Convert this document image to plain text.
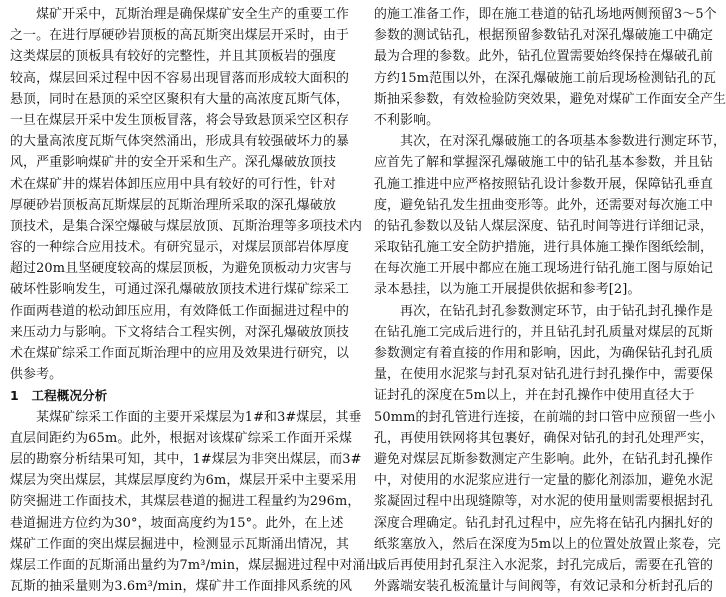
　　煤矿开采中，瓦斯治理是确保煤矿安全生产的重要工作
之一。在进行厚硬砂岩顶板的高瓦斯突出煤层开采时，由于
这类煤层的顶板具有较好的完整性，并且其顶板岩的强度
较高，煤层回采过程中因不容易出现冒落而形成较大面积的
悬顶，同时在悬顶的采空区聚积有大量的高浓度瓦斯气体，
一旦在煤层开采中发生顶板冒落，将会导致悬顶采空区积存
的大量高浓度瓦斯气体突然涌出，形成具有较强破坏力的暴
风，严重影响煤矿井的安全开采和生产。深孔爆破放顶技
术在煤矿井的煤岩体卸压应用中具有较好的可行性，针对
厚硬砂岩顶板高瓦斯煤层的瓦斯治理所采取的深孔爆破放
顶技术，是集合深空爆破与煤层放顶、瓦斯治理等多项技术内
容的一种综合应用技术。有研究显示，对煤层顶部岩体厚度
超过20m且坚硬度较高的煤层顶板，为避免顶板动力灾害与
破坏性影响发生，可通过深孔爆破放顶技术进行煤矿综采工
作面两巷道的松动卸压应用，有效降低工作面掘进过程中的
来压动力与影响。下文将结合工程实例，对深孔爆破放顶技
术在煤矿综采工作面瓦斯治理中的应用及效果进行研究，以
供参考。
1　工程概况分析
　　某煤矿综采工作面的主要开采煤层为1#和3#煤层，其垂
直层间距约为65m。此外，根据对该煤矿综采工作面开采煤
层的勘察分析结果可知，其中，1#煤层为非突出煤层，而3#
煤层为突出煤层，其煤层厚度约为6m，煤层开采中主要采用
防突掘进工作面技术，其煤层巷道的掘进工程量约为296m，
巷道掘进方位约为30°，坡面高度约为15°。此外，在上述
煤矿工作面的突出煤层掘进中，检测显示瓦斯涌出情况，其
煤层工作面的瓦斯涌出量约为7m³/min，煤层掘进过程中对涌出
瓦斯的抽采量则为3.6m³/min，煤矿井工作面排风系统的风
的施工准备工作，即在施工巷道的钻孔场地两侧预留3～5个
参数的测试钻孔，根据预留参数钻孔对深孔爆破施工中确定
最为合理的参数。此外，钻孔位置需要始终保持在爆破孔前
方约15m范围以外，在深孔爆破施工前后现场检测钻孔的瓦
斯抽采参数，有效检验防突效果，避免对煤矿工作面安全产生
不利影响。
　　其次，在对深孔爆破施工的各项基本参数进行测定环节，
应首先了解和掌握深孔爆破施工中的钻孔基本参数，并且钻
孔施工推进中应严格按照钻孔设计参数开展，保障钻孔垂直
度，避免钻孔发生扭曲变形等。此外，还需要对每次施工中
的钻孔参数以及钻人煤层深度、钻孔时间等进行详细记录，
采取钻孔施工安全防护措施，进行具体施工操作图纸绘制，
在每次施工开展中都应在施工现场进行钻孔施工图与原始记
录本悬挂，以为施工开展提供依据和参考[2]。
　　再次，在钻孔封孔参数测定环节，由于钻孔封孔操作是
在钻孔施工完成后进行的，并且钻孔封孔质量对煤层的瓦斯
参数测定有着直接的作用和影响，因此，为确保钻孔封孔质
量，在使用水泥浆与封孔泵对钻孔进行封孔操作中，需要保
证封孔的深度在5m以上，并在封孔操作中使用直径大于
50mm的封孔管进行连接，在前端的封口管中应预留一些小
孔，再使用铁网将其包裹好，确保对钻孔的封孔处理严实，
避免对煤层瓦斯参数测定产生影响。此外，在钻孔封孔操作
中，对使用的水泥浆应进行一定量的膨化剂添加，避免水泥
浆凝固过程中出现缝隙等，对水泥的使用量则需要根据封孔
深度合理确定。钻孔封孔过程中，应先将在钻孔内捆扎好的
纸浆塞放入，然后在深度为5m以上的位置处放置止浆卷，完
成后再使用封孔泵注入水泥浆，封孔完成后，需要在孔管的
外露端安装孔板流量计与间阀等，有效记录和分析封孔后的
